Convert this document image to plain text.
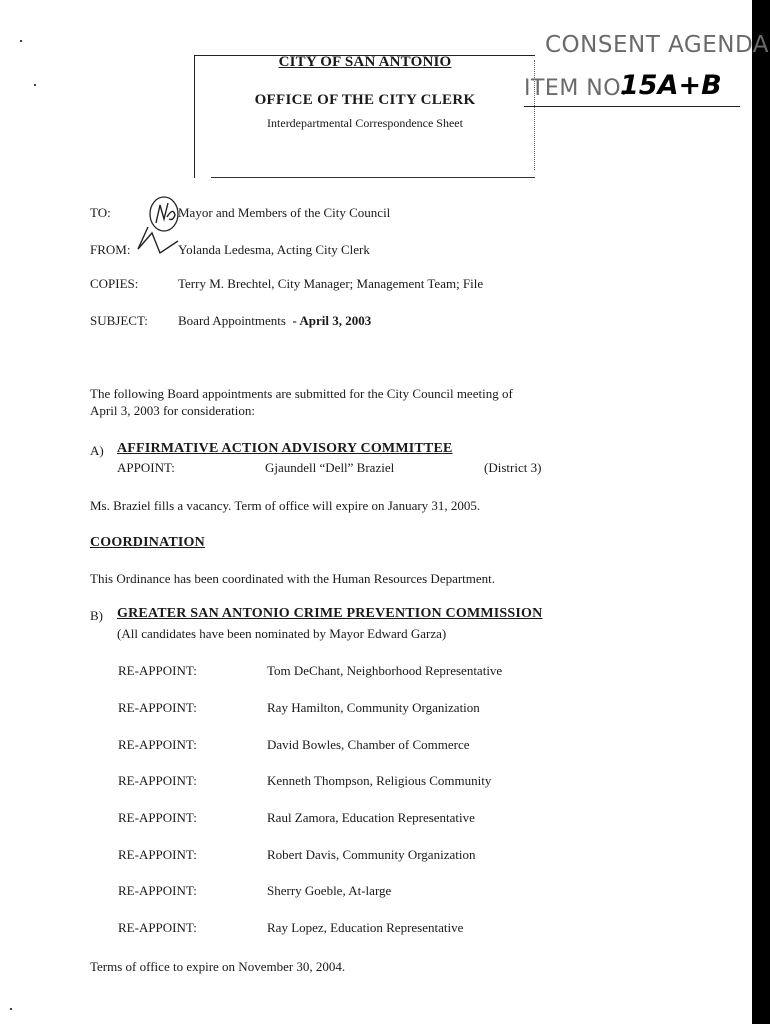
CITY OF SAN ANTONIO
OFFICE OF THE CITY CLERK
Interdepartmental Correspondence Sheet
CONSENT AGENDA
ITEM NO.
15A+B
TO:	Mayor and Members of the City Council
FROM:	Yolanda Ledesma, Acting City Clerk
COPIES:	Terry M. Brechtel, City Manager; Management Team; File
SUBJECT: Board Appointments - April 3, 2003
The following Board appointments are submitted for the City Council meeting of
April 3, 2003 for consideration:
A) AFFIRMATIVE ACTION ADVISORY COMMITTEE
APPOINT:	Gjaundell “Dell” Braziel	(District 3)
Ms. Braziel fills a vacancy. Term of office will expire on January 31, 2005.
COORDINATION
This Ordinance has been coordinated with the Human Resources Department.
B) GREATER SAN ANTONIO CRIME PREVENTION COMMISSION
(All candidates have been nominated by Mayor Edward Garza)
RE-APPOINT:	Tom DeChant, Neighborhood Representative
RE-APPOINT:	Ray Hamilton, Community Organization
RE-APPOINT:	David Bowles, Chamber of Commerce
RE-APPOINT:	Kenneth Thompson, Religious Community
RE-APPOINT:	Raul Zamora, Education Representative
RE-APPOINT:	Robert Davis, Community Organization
RE-APPOINT:	Sherry Goeble, At-large
RE-APPOINT:	Ray Lopez, Education Representative
Terms of office to expire on November 30, 2004.
